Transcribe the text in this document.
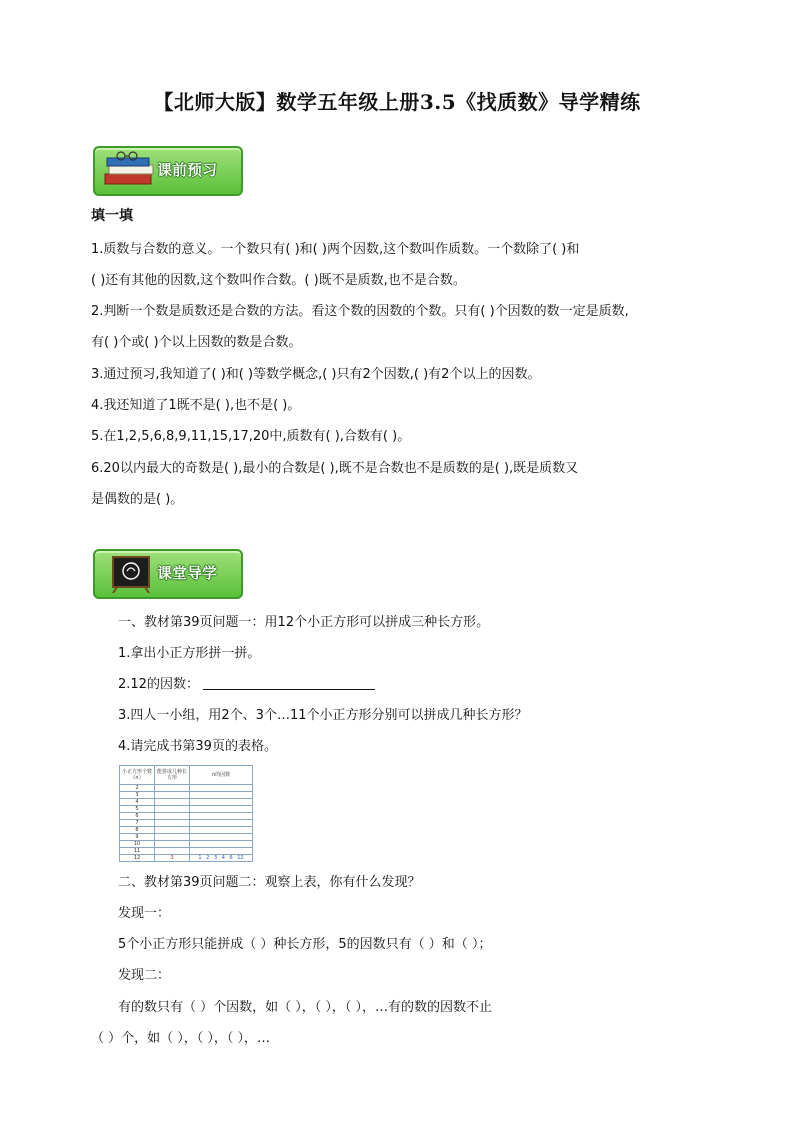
【北师大版】数学五年级上册3.5《找质数》导学精练
课前预习
填一填
1.质数与合数的意义。一个数只有( )和( )两个因数,这个数叫作质数。一个数除了( )和
( )还有其他的因数,这个数叫作合数。( )既不是质数,也不是合数。
2.判断一个数是质数还是合数的方法。看这个数的因数的个数。只有( )个因数的数一定是质数,
有( )个或( )个以上因数的数是合数。
3.通过预习,我知道了( )和( )等数学概念,( )只有2个因数,( )有2个以上的因数。
4.我还知道了1既不是( ),也不是( )。
5.在1,2,5,6,8,9,11,15,17,20中,质数有( ),合数有( )。
6.20以内最大的奇数是( ),最小的合数是( ),既不是合数也不是质数的是( ),既是质数又
是偶数的是( )。
课堂导学
一、教材第39页问题一：用12个小正方形可以拼成三种长方形。
1.拿出小正方形拼一拼。
2.12的因数：
3.四人一小组，用2个、3个…11个小正方形分别可以拼成几种长方形？
4.请完成书第39页的表格。
小正方形个数（n）	能拼成几种长方形	n的因数
2		
3		
4		
5		
6		
7		
8		
9		
10		
11		
12	3	1 2 3 4 6 12
二、教材第39页问题二：观察上表，你有什么发现？
发现一：
5个小正方形只能拼成（ ）种长方形，5的因数只有（ ）和（ ）；
发现二：
有的数只有（ ）个因数，如（ ），（ ），（ ），…有的数的因数不止
（ ）个，如（ ），（ ），（ ），…
